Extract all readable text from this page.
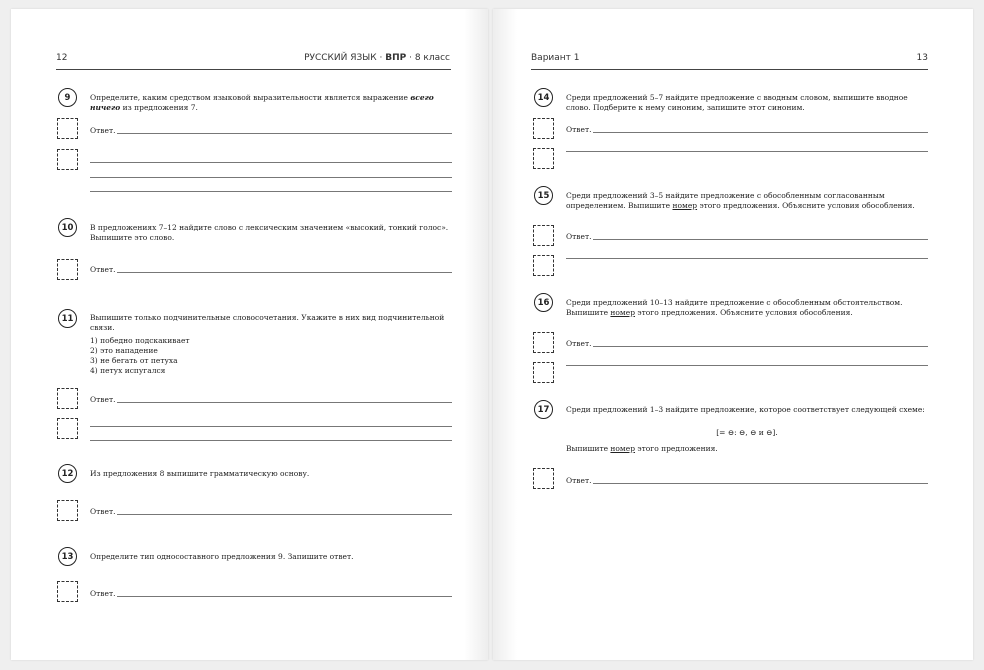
12	РУССКИЙ ЯЗЫК · ВПР · 8 класс
9	Определите, каким средством языковой выразительности является выражение всего ничего из предложения 7.
Ответ.
10	В предложениях 7–12 найдите слово с лексическим значением «высокий, тонкий голос». Выпишите это слово.
Ответ.
11	Выпишите только подчинительные словосочетания. Укажите в них вид подчинительной связи.
1) победно подскакивает
2) это нападение
3) не бегать от петуха
4) петух испугался
Ответ.
12	Из предложения 8 выпишите грамматическую основу.
Ответ.
13	Определите тип односоставного предложения 9. Запишите ответ.
Ответ.
Вариант 1	13
14	Среди предложений 5–7 найдите предложение с вводным словом, выпишите вводное слово. Подберите к нему синоним, запишите этот синоним.
Ответ.
15	Среди предложений 3–5 найдите предложение с обособленным согласованным определением. Выпишите номер этого предложения. Объясните условия обособления.
Ответ.
16	Среди предложений 10–13 найдите предложение с обособленным обстоятельством. Выпишите номер этого предложения. Объясните условия обособления.
Ответ.
17	Среди предложений 1–3 найдите предложение, которое соответствует следующей схеме:
[= ⊖: ⊖, ⊖ и ⊖].
Выпишите номер этого предложения.
Ответ.
